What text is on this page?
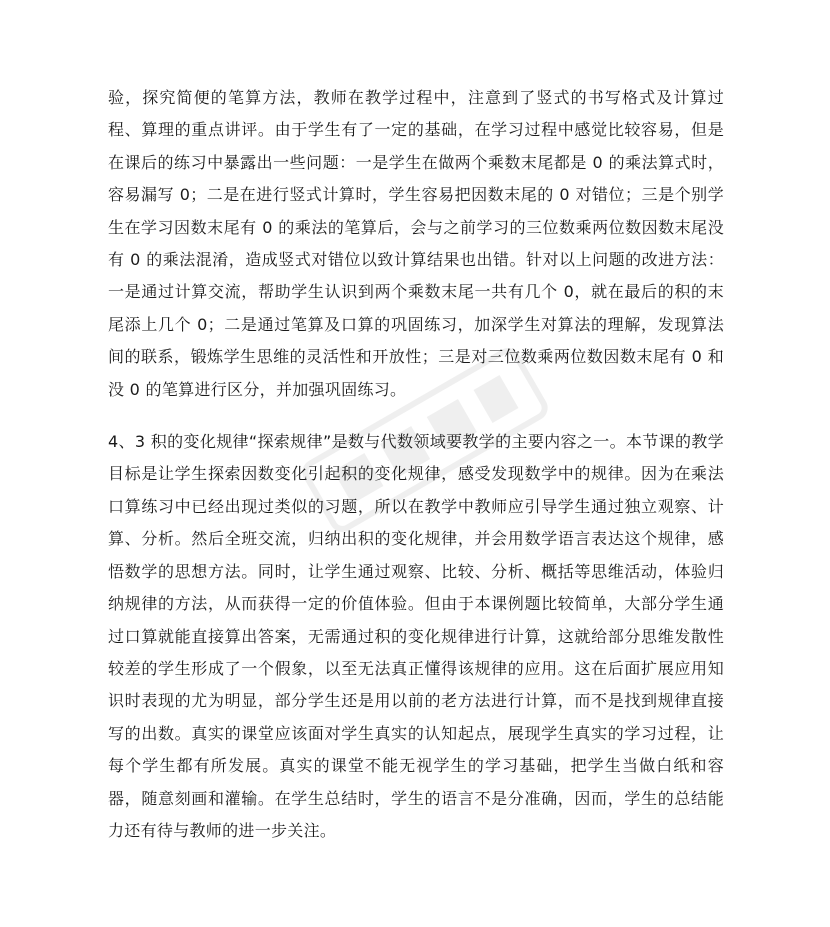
验，探究简便的笔算方法，教师在教学过程中，注意到了竖式的书写格式及计算过程、算理的重点讲评。由于学生有了一定的基础，在学习过程中感觉比较容易，但是在课后的练习中暴露出一些问题：一是学生在做两个乘数末尾都是 0 的乘法算式时，容易漏写 0；二是在进行竖式计算时，学生容易把因数末尾的 0 对错位；三是个别学生在学习因数末尾有 0 的乘法的笔算后，会与之前学习的三位数乘两位数因数末尾没有 0 的乘法混淆，造成竖式对错位以致计算结果也出错。针对以上问题的改进方法：一是通过计算交流，帮助学生认识到两个乘数末尾一共有几个 0，就在最后的积的末尾添上几个 0；二是通过笔算及口算的巩固练习，加深学生对算法的理解，发现算法间的联系，锻炼学生思维的灵活性和开放性；三是对三位数乘两位数因数末尾有 0 和没 0 的笔算进行区分，并加强巩固练习。

4、3 积的变化规律“探索规律”是数与代数领域要教学的主要内容之一。本节课的教学目标是让学生探索因数变化引起积的变化规律，感受发现数学中的规律。因为在乘法口算练习中已经出现过类似的习题，所以在教学中教师应引导学生通过独立观察、计算、分析。然后全班交流，归纳出积的变化规律，并会用数学语言表达这个规律，感悟数学的思想方法。同时，让学生通过观察、比较、分析、概括等思维活动，体验归纳规律的方法，从而获得一定的价值体验。但由于本课例题比较简单，大部分学生通过口算就能直接算出答案，无需通过积的变化规律进行计算，这就给部分思维发散性较差的学生形成了一个假象，以至无法真正懂得该规律的应用。这在后面扩展应用知识时表现的尤为明显，部分学生还是用以前的老方法进行计算，而不是找到规律直接写的出数。真实的课堂应该面对学生真实的认知起点，展现学生真实的学习过程，让每个学生都有所发展。真实的课堂不能无视学生的学习基础，把学生当做白纸和容器，随意刻画和灌输。在学生总结时，学生的语言不是分准确，因而，学生的总结能力还有待与教师的进一步关注。
